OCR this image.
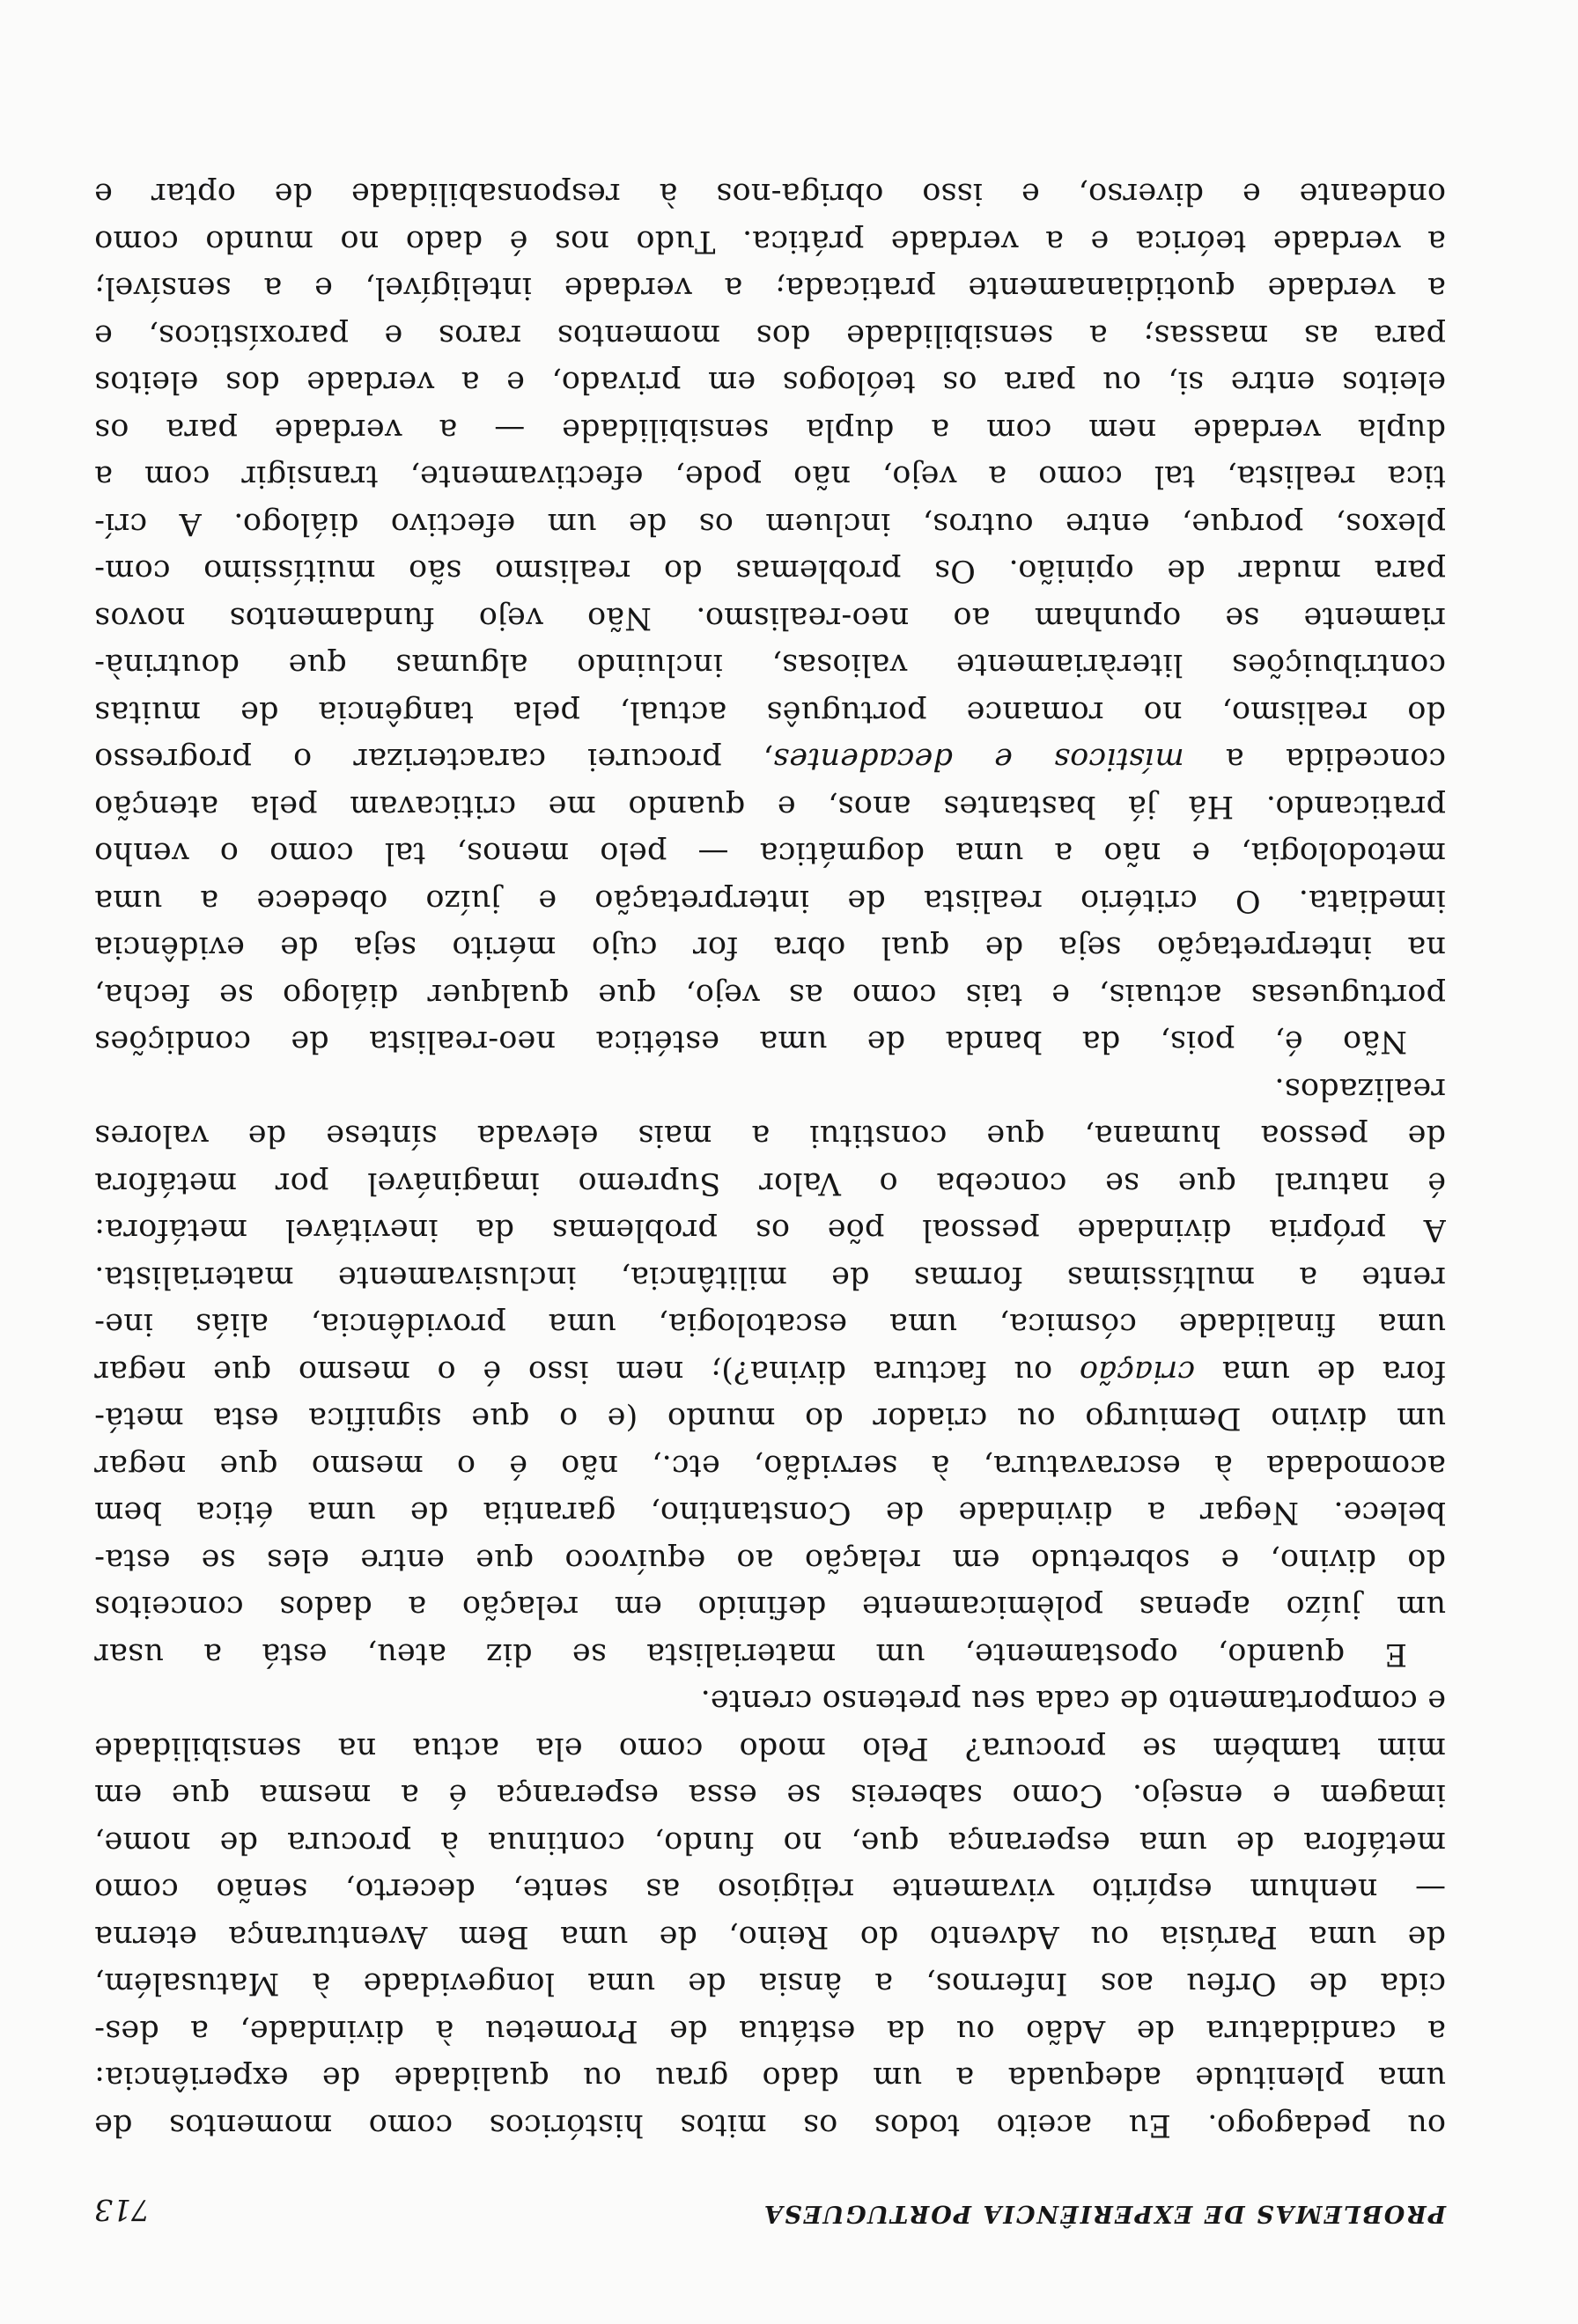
PROBLEMAS DE EXPERIÊNCIA PORTUGUESA
713
ou pedagogo. Eu aceito todos os mitos históricos como momentos de
uma plenitude adequada a um dado grau ou qualidade de experiência:
a candidatura de Adão ou da estátua de Prometeu à divindade, a des-
cida de Orfeu aos Infernos, a ânsia de uma longevidade à Matusalém,
de uma Parúsia ou Advento do Reino, de uma Bem Aventurança eterna
— nenhum espírito vivamente religioso as sente, decerto, senão como
metáfora de uma esperança que, no fundo, continua à procura de nome,
imagem e ensejo. Como sabereis se essa esperança é a mesma que em
mim também se procura? Pelo modo como ela actua na sensibilidade
e comportamento de cada seu pretenso crente.
E quando, opostamente, um materialista se diz ateu, está a usar
um juízo apenas polèmicamente definido em relação a dados conceitos
do divino, e sobretudo em relação ao equívoco que entre eles se esta-
belece. Negar a divindade de Constantino, garantia de uma ética bem
acomodada à escravatura, à servidão, etc., não é o mesmo que negar
um divino Demiurgo ou criador do mundo (e o que significa esta metá-
fora de uma criação ou factura divina?); nem isso é o mesmo que negar
uma finalidade cósmica, uma escatologia, uma providência, aliás ine-
rente a multíssimas formas de militância, inclusivamente materialista.
A própria divindade pessoal põe os problemas da inevitável metáfora:
é natural que se conceba o Valor Supremo imaginável por metáfora
de pessoa humana, que constitui a mais elevada síntese de valores
realizados.
Não é, pois, da banda de uma estética neo-realista de condições
portuguesas actuais, e tais como as vejo, que qualquer diálogo se fecha,
na interpretação seja de qual obra for cujo mérito seja de evidência
imediata. O critério realista de interpretação e juízo obedece a uma
metodologia, e não a uma dogmática — pelo menos, tal como o venho
praticando. Há já bastantes anos, e quando me criticavam pela atenção
concedida a místicos e decadentes, procurei caracterizar o progresso
do realismo, no romance português actual, pela tangência de muitas
contribuições literàriamente valiosas, incluindo algumas que doutrinà-
riamente se opunham ao neo-realismo. Não vejo fundamentos novos
para mudar de opinião. Os problemas do realismo são muitíssimo com-
plexos, porque, entre outros, incluem os de um efectivo diálogo. A crí-
tica realista, tal como a vejo, não pode, efectivamente, transigir com a
dupla verdade nem com a dupla sensibilidade — a verdade para os
eleitos entre si, ou para os teólogos em privado, e a verdade dos eleitos
para as massas; a sensibilidade dos momentos raros e paroxísticos, e
a verdade quotidianamente praticada; a verdade inteligível, e a sensível;
a verdade teórica e a verdade prática. Tudo nos é dado no mundo como
ondeante e diverso, e isso obriga-nos à responsabilidade de optar e
